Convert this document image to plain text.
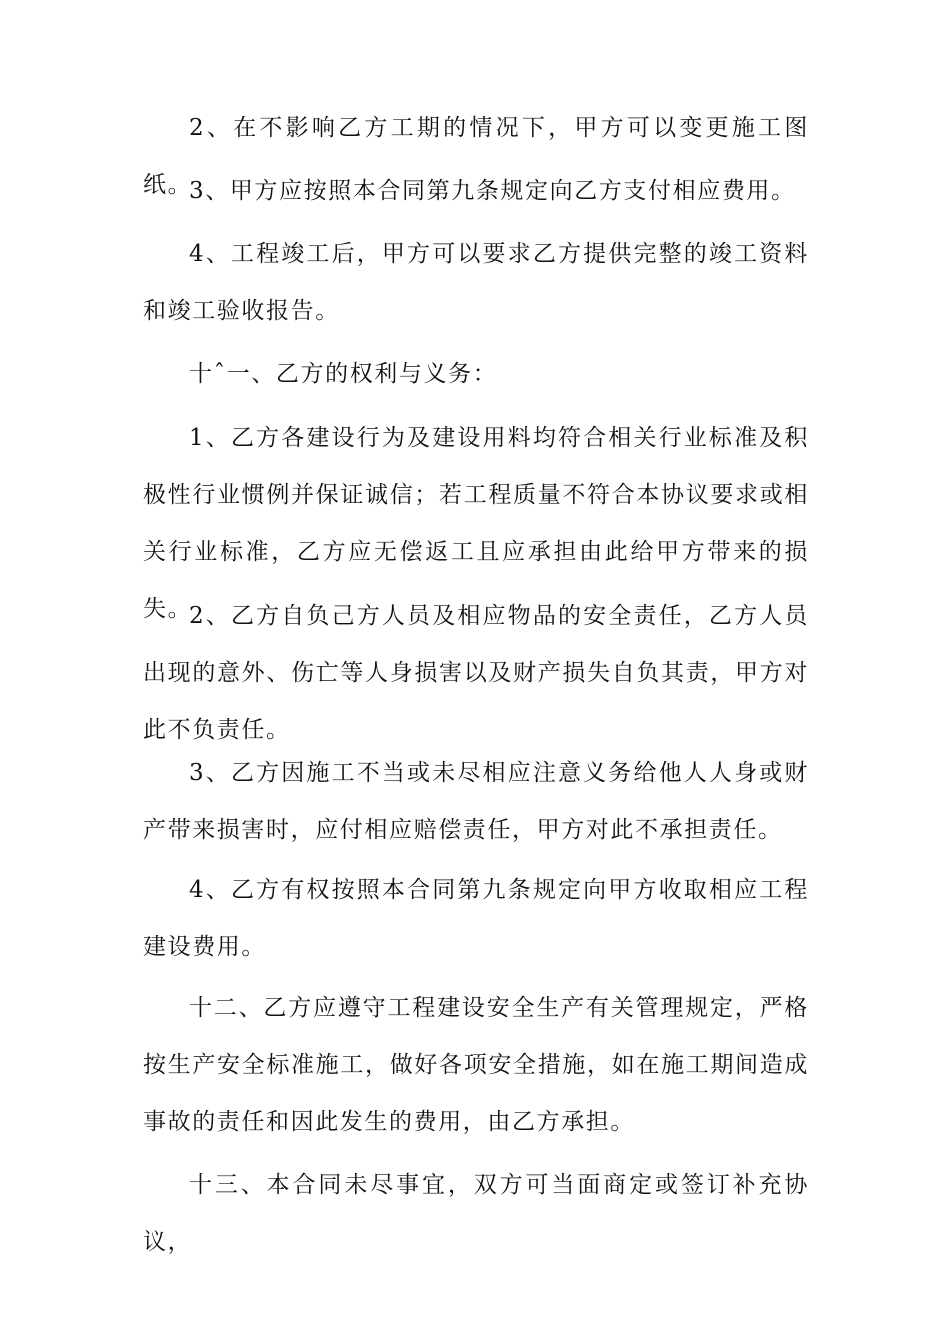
2、在不影响乙方工期的情况下，甲方可以变更施工图纸。

3、甲方应按照本合同第九条规定向乙方支付相应费用。

4、工程竣工后，甲方可以要求乙方提供完整的竣工资料和竣工验收报告。

十ˆ一、乙方的权利与义务：

1、乙方各建设行为及建设用料均符合相关行业标准及积极性行业惯例并保证诚信；若工程质量不符合本协议要求或相关行业标准，乙方应无偿返工且应承担由此给甲方带来的损失。

2、乙方自负己方人员及相应物品的安全责任，乙方人员出现的意外、伤亡等人身损害以及财产损失自负其责，甲方对此不负责任。

3、乙方因施工不当或未尽相应注意义务给他人人身或财产带来损害时，应付相应赔偿责任，甲方对此不承担责任。

4、乙方有权按照本合同第九条规定向甲方收取相应工程建设费用。

十二、乙方应遵守工程建设安全生产有关管理规定，严格按生产安全标准施工，做好各项安全措施，如在施工期间造成事故的责任和因此发生的费用，由乙方承担。

十三、本合同未尽事宜，双方可当面商定或签订补充协议，
